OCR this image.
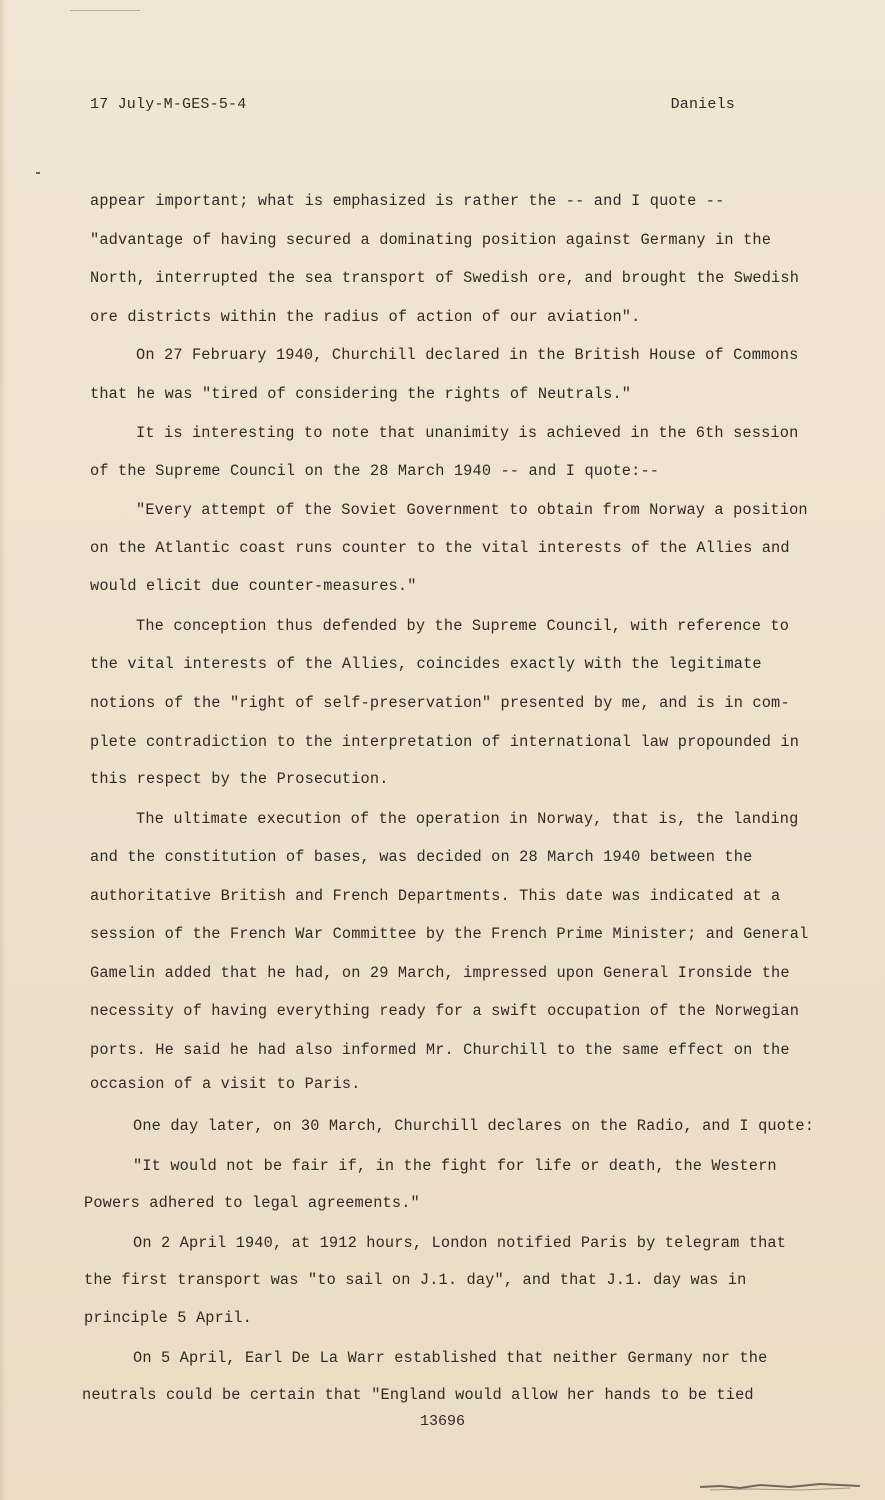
17 July-M-GES-5-4	Daniels
appear important; what is emphasized is rather the -- and I quote --
"advantage of having secured a dominating position against Germany in the
North, interrupted the sea transport of Swedish ore, and brought the Swedish
ore districts within the radius of action of our aviation".
On 27 February 1940, Churchill declared in the British House of Commons
that he was "tired of considering the rights of Neutrals."
It is interesting to note that unanimity is achieved in the 6th session
of the Supreme Council on the 28 March 1940 -- and I quote:--
"Every attempt of the Soviet Government to obtain from Norway a position
on the Atlantic coast runs counter to the vital interests of the Allies and
would elicit due counter-measures."
The conception thus defended by the Supreme Council, with reference to
the vital interests of the Allies, coincides exactly with the legitimate
notions of the "right of self-preservation" presented by me, and is in com-
plete contradiction to the interpretation of international law propounded in
this respect by the Prosecution.
The ultimate execution of the operation in Norway, that is, the landing
and the constitution of bases, was decided on 28 March 1940 between the
authoritative British and French Departments. This date was indicated at a
session of the French War Committee by the French Prime Minister; and General
Gamelin added that he had, on 29 March, impressed upon General Ironside the
necessity of having everything ready for a swift occupation of the Norwegian
ports. He said he had also informed Mr. Churchill to the same effect on the
occasion of a visit to Paris.
One day later, on 30 March, Churchill declares on the Radio, and I quote:
"It would not be fair if, in the fight for life or death, the Western
Powers adhered to legal agreements."
On 2 April 1940, at 1912 hours, London notified Paris by telegram that
the first transport was "to sail on J.1. day", and that J.1. day was in
principle 5 April.
On 5 April, Earl De La Warr established that neither Germany nor the
neutrals could be certain that "England would allow her hands to be tied
13696
